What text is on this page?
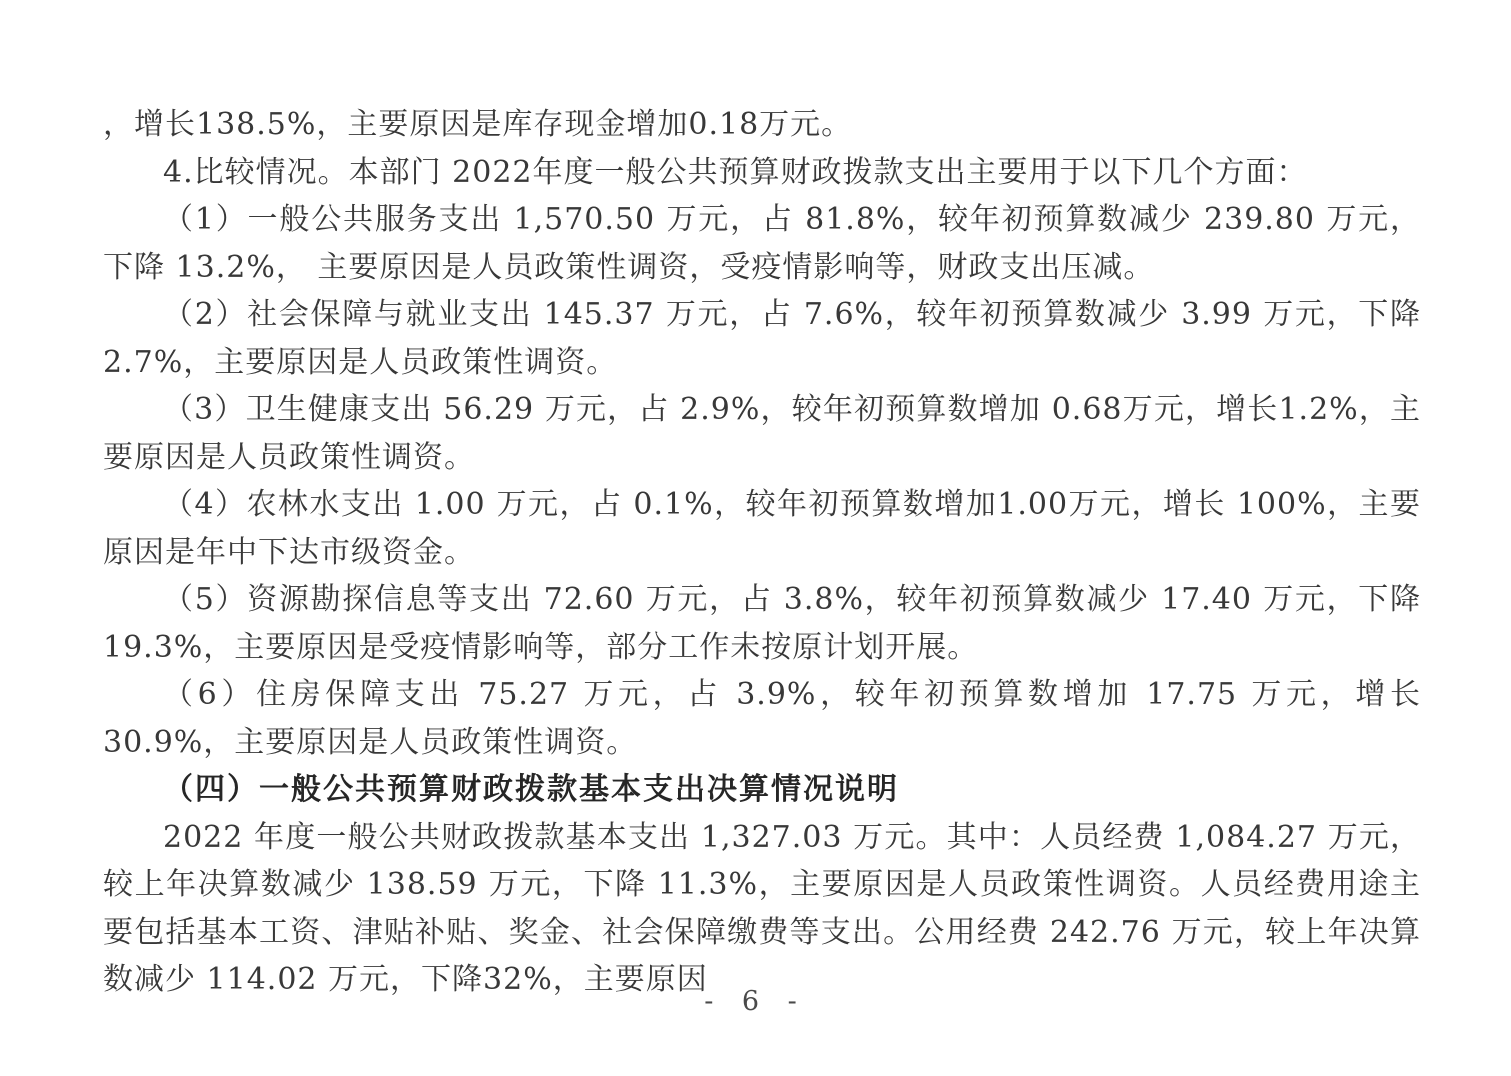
，增长138.5%，主要原因是库存现金增加0.18万元。

4.比较情况。本部门 2022年度一般公共预算财政拨款支出主要用于以下几个方面：

（1）一般公共服务支出 1,570.50 万元，占 81.8%，较年初预算数减少 239.80 万元，下降 13.2%， 主要原因是人员政策性调资，受疫情影响等，财政支出压减。

（2）社会保障与就业支出 145.37 万元，占 7.6%，较年初预算数减少 3.99 万元，下降 2.7%，主要原因是人员政策性调资。

（3）卫生健康支出 56.29 万元，占 2.9%，较年初预算数增加 0.68万元，增长1.2%，主要原因是人员政策性调资。

（4）农林水支出 1.00 万元，占 0.1%，较年初预算数增加1.00万元，增长 100%，主要原因是年中下达市级资金。

（5）资源勘探信息等支出 72.60 万元，占 3.8%，较年初预算数减少 17.40 万元，下降 19.3%，主要原因是受疫情影响等，部分工作未按原计划开展。

（6）住房保障支出 75.27 万元，占 3.9%，较年初预算数增加 17.75 万元，增长 30.9%，主要原因是人员政策性调资。

（四）一般公共预算财政拨款基本支出决算情况说明

2022 年度一般公共财政拨款基本支出 1,327.03 万元。其中：人员经费 1,084.27 万元，较上年决算数减少 138.59 万元，下降 11.3%，主要原因是人员政策性调资。人员经费用途主要包括基本工资、津贴补贴、奖金、社会保障缴费等支出。公用经费 242.76 万元，较上年决算数减少 114.02 万元，下降32%，主要原因

- 6 -
